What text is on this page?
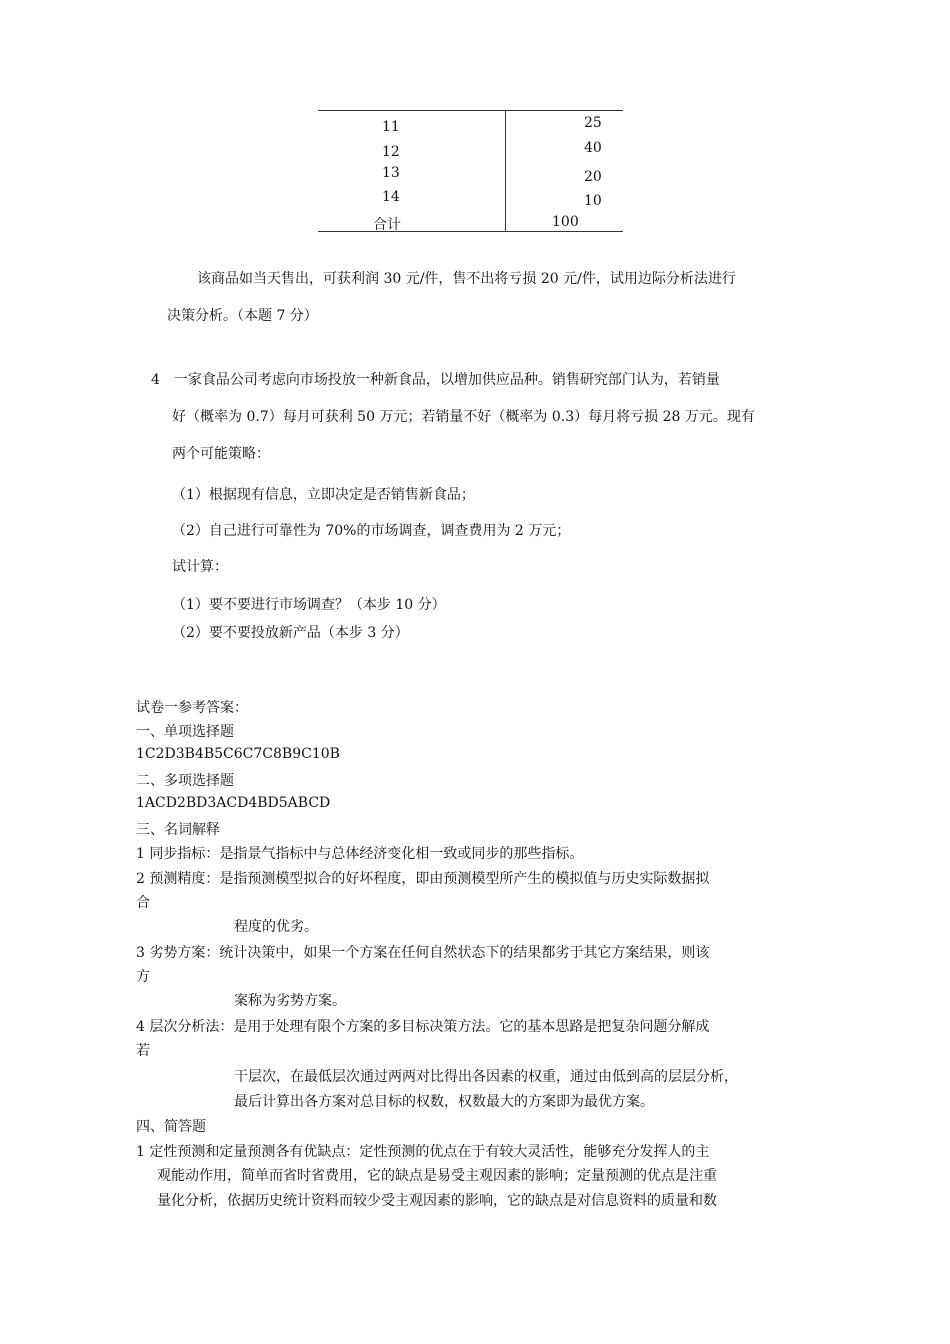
11	25
12	40
13	20
14	10
合计	100
该商品如当天售出，可获利润 30 元/件，售不出将亏损 20 元/件，试用边际分析法进行
决策分析。（本题 7 分）
4　一家食品公司考虑向市场投放一种新食品，以增加供应品种。销售研究部门认为，若销量
好（概率为 0.7）每月可获利 50 万元；若销量不好（概率为 0.3）每月将亏损 28 万元。现有
两个可能策略：
（1）根据现有信息，立即决定是否销售新食品；
（2）自己进行可靠性为 70%的市场调查，调查费用为 2 万元；
试计算：
（1）要不要进行市场调查？（本步 10 分）
（2）要不要投放新产品（本步 3 分）
试卷一参考答案：
一、单项选择题
1C2D3B4B5C6C7C8B9C10B
二、多项选择题
1ACD2BD3ACD4BD5ABCD
三、名词解释
1 同步指标：是指景气指标中与总体经济变化相一致或同步的那些指标。
2 预测精度：是指预测模型拟合的好坏程度，即由预测模型所产生的模拟值与历史实际数据拟
合
程度的优劣。
3 劣势方案：统计决策中，如果一个方案在任何自然状态下的结果都劣于其它方案结果，则该
方
案称为劣势方案。
4 层次分析法：是用于处理有限个方案的多目标决策方法。它的基本思路是把复杂问题分解成
若
干层次，在最低层次通过两两对比得出各因素的权重，通过由低到高的层层分析，
最后计算出各方案对总目标的权数，权数最大的方案即为最优方案。
四、简答题
1 定性预测和定量预测各有优缺点：定性预测的优点在于有较大灵活性，能够充分发挥人的主
观能动作用，简单而省时省费用，它的缺点是易受主观因素的影响；定量预测的优点是注重
量化分析，依据历史统计资料而较少受主观因素的影响，它的缺点是对信息资料的质量和数
